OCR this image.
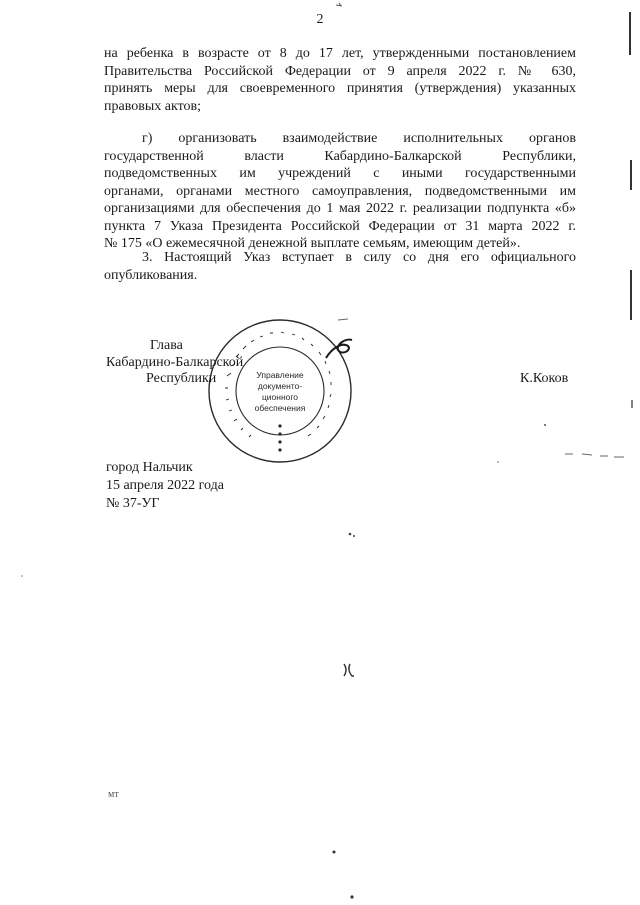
2
на ребенка в возрасте от 8 до 17 лет, утвержденными постановлением
Правительства Российской Федерации от 9 апреля 2022 г. № 630,
принять меры для своевременного принятия (утверждения) указанных
правовых актов;
г) организовать взаимодействие исполнительных органов
государственной власти Кабардино-Балкарской Республики,
подведомственных им учреждений с иными государственными
органами, органами местного самоуправления, подведомственными им
организациями для обеспечения до 1 мая 2022 г. реализации подпункта «б»
пункта 7 Указа Президента Российской Федерации от 31 марта 2022 г.
№ 175 «О ежемесячной денежной выплате семьям, имеющим детей».
3. Настоящий Указ вступает в силу со дня его официального
опубликования.
Управление
документо-
ционного
обеспечения
Глава
Кабардино-Балкарской
Республики	К.Коков
город Нальчик
15 апреля 2022 года
№ 37-УГ
мт
